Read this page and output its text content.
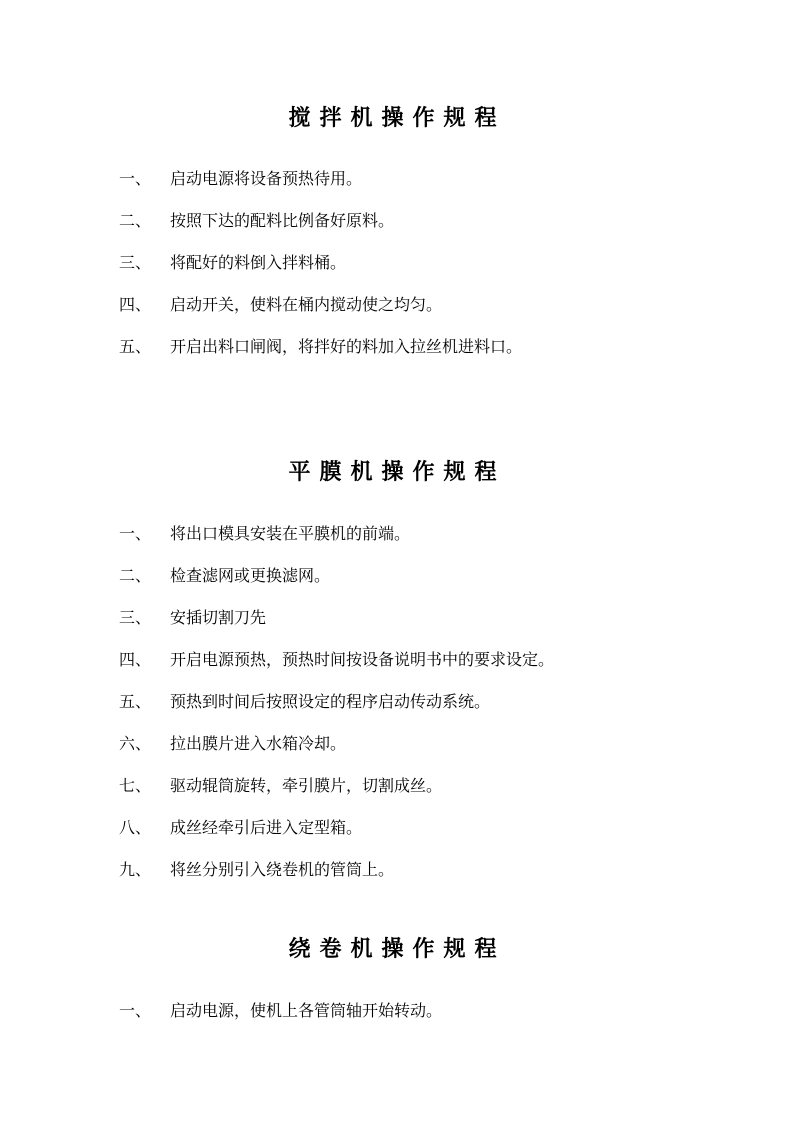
搅拌机操作规程
一、 启动电源将设备预热待用。
二、 按照下达的配料比例备好原料。
三、 将配好的料倒入拌料桶。
四、 启动开关，使料在桶内搅动使之均匀。
五、 开启出料口闸阀，将拌好的料加入拉丝机进料口。
平膜机操作规程
一、 将出口模具安装在平膜机的前端。
二、 检查滤网或更换滤网。
三、 安插切割刀先
四、 开启电源预热，预热时间按设备说明书中的要求设定。
五、 预热到时间后按照设定的程序启动传动系统。
六、 拉出膜片进入水箱冷却。
七、 驱动辊筒旋转，牵引膜片，切割成丝。
八、 成丝经牵引后进入定型箱。
九、 将丝分别引入绕卷机的管筒上。
绕卷机操作规程
一、 启动电源，使机上各管筒轴开始转动。
